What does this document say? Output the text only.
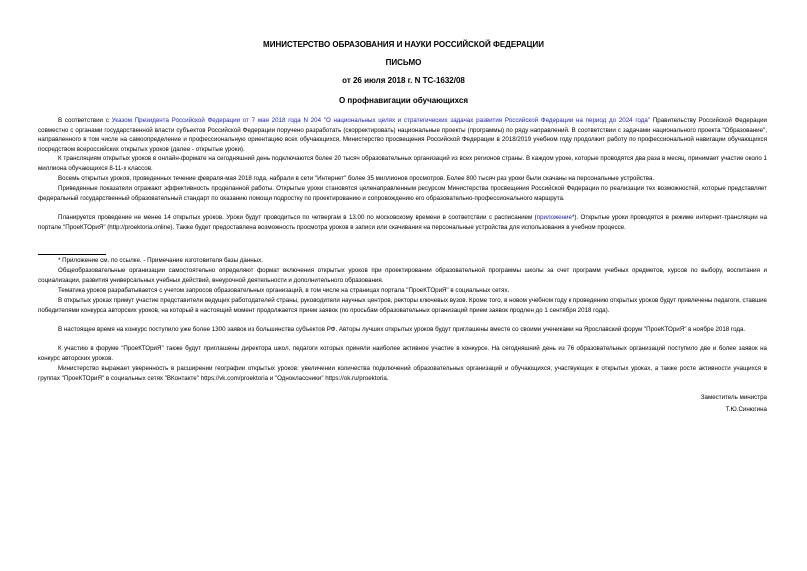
МИНИСТЕРСТВО ОБРАЗОВАНИЯ И НАУКИ РОССИЙСКОЙ ФЕДЕРАЦИИ
ПИСЬМО
от 26 июля 2018 г. N ТС-1632/08
О профнавигации обучающихся

В соответствии с Указом Президента Российской Федерации от 7 мая 2018 года N 204 "О национальных целях и стратегических задачах развития Российской Федерации на период до 2024 года" Правительству Российской Федерации совместно с органами государственной власти субъектов Российской Федерации поручено разработать (скорректировать) национальные проекты (программы) по ряду направлений. В соответствии с задачами национального проекта "Образование", направленного в том числе на самоопределение и профессиональную ориентацию всех обучающихся, Министерство просвещения Российской Федерации в 2018/2019 учебном году продолжит работу по профессиональной навигации обучающихся посредством всероссийских открытых уроков (далее - открытые уроки).

К трансляциям открытых уроков в онлайн-формате на сегодняшний день подключаются более 20 тысяч образовательных организаций из всех регионов страны. В каждом уроке, которые проводятся два раза в месяц, принимает участие около 1 миллиона обучающихся 8-11-х классов.

Восемь открытых уроков, проведенных течение февраля-мая 2018 года, набрали в сети "Интернет" более 35 миллионов просмотров. Более 800 тысяч раз уроки были скачаны на персональные устройства.

Приведенные показатели отражают эффективность проделанной работы. Открытые уроки становятся целенаправленным ресурсом Министерства просвещения Российской Федерации по реализации тех возможностей, которые представляет федеральный государственный образовательный стандарт по оказанию помощи подростку по проектированию и сопровождению его образовательно-профессионального маршрута.

Планируется проведение не менее 14 открытых уроков. Уроки будут проводиться по четвергам в 13.00 по московскому времени в соответствии с расписанием (приложение*). Открытые уроки проводятся в режиме интернет-трансляции на портале "ПроеКТОриЯ" (http://proektoria.online). Также будет предоставлена возможность просмотра уроков в записи или скачивания на персональные устройства для использования в учебном процессе.

* Приложение см. по ссылке. - Примечание изготовителя базы данных.

Общеобразовательные организации самостоятельно определяют формат включения открытых уроков при проектировании образовательной программы школы за счет программ учебных предметов, курсов по выбору, воспитания и социализации, развития универсальных учебных действий, внеурочной деятельности и дополнительного образования.

Тематика уроков разрабатывается с учетом запросов образовательных организаций, в том числе на страницах портала "ПроеКТОриЯ" в социальных сетях.

В открытых уроках примут участие представители ведущих работодателей страны, руководители научных центров, ректоры ключевых вузов. Кроме того, в новом учебном году к проведению открытых уроков будут привлечены педагоги, ставшие победителями конкурса авторских уроков, на который в настоящий момент продолжается прием заявок (по просьбам образовательных организаций прием заявок продлен до 1 сентября 2018 года).

В настоящее время на конкурс поступило уже более 1300 заявок из большинства субъектов РФ. Авторы лучших открытых уроков будут приглашены вместе со своими учениками на Ярославский форум "ПроеКТОриЯ" в ноябре 2018 года.

К участию в форуме "ПроеКТОриЯ" также будут приглашены директора школ, педагоги которых приняли наиболее активное участие в конкурсе. На сегодняшний день из 76 образовательных организаций поступило две и более заявок на конкурс авторских уроков.

Министерство выражает уверенность в расширении географии открытых уроков: увеличении количества подключений образовательных организаций и обучающихся, участвующих в открытых уроках, а также росте активности учащихся в группах "ПроеКТОриЯ" в социальных сетях "ВКонтакте" https://vk.com/proektoria и "Одноклассники" https://ok.ru/proektoria.

Заместитель министра
Т.Ю.Синюгина
